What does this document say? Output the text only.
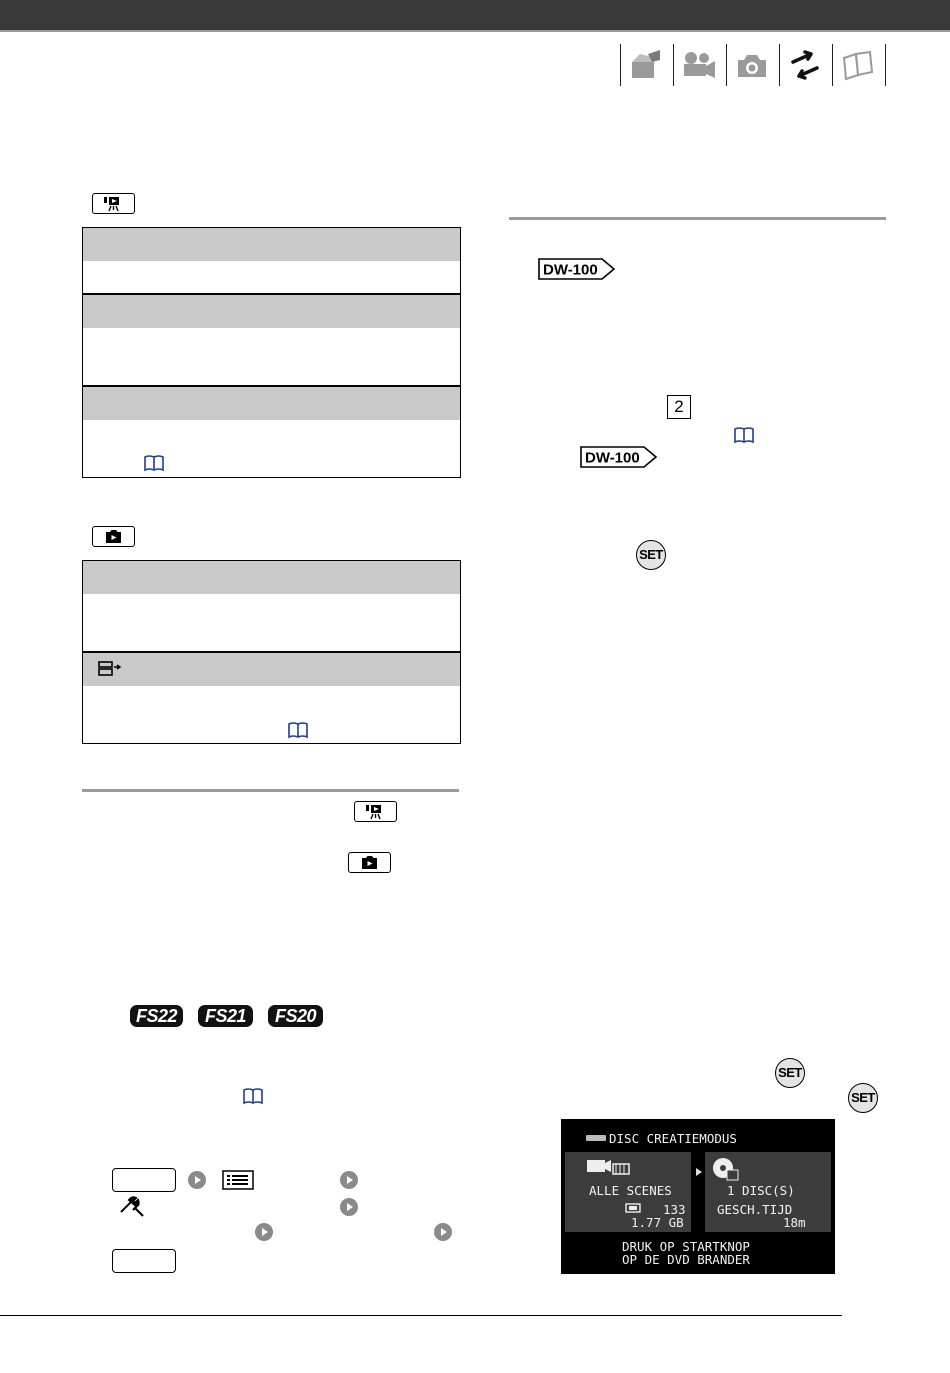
FS22	FS21	FS20
DW-100
2
DW-100
SET
SET
SET
DISC CREATIEMODUS
ALLE SCENES
133
1.77 GB
1 DISC(S)
GESCH.TIJD
18m
DRUK OP STARTKNOP
OP DE DVD BRANDER
